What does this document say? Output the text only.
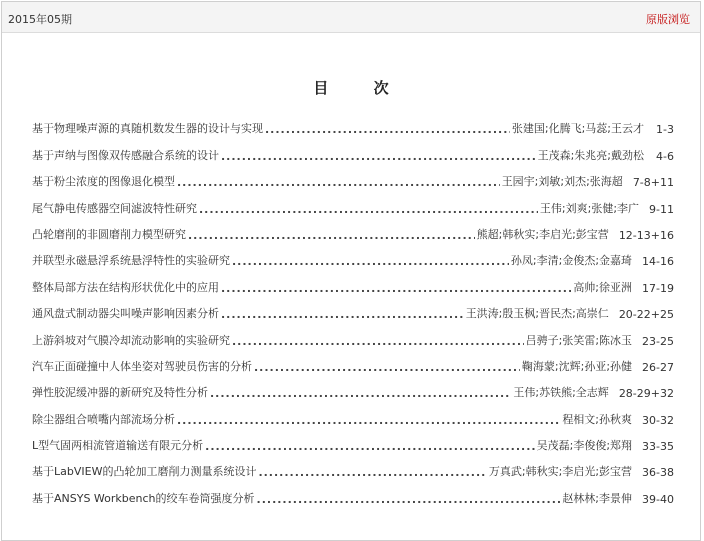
2015年05期	原版浏览
目 次
基于物理噪声源的真随机数发生器的设计与实现 .....	张建国;化腾飞;马蕊;王云才	1-3
基于声纳与图像双传感融合系统的设计 .....	王茂森;朱兆亮;戴劲松	4-6
基于粉尘浓度的图像退化模型 .....	王园宇;刘敏;刘杰;张海超 7-8+11
尾气静电传感器空间滤波特性研究 .....	王伟;刘爽;张健;李广 9-11
凸轮磨削的非圆磨削力模型研究 .....	熊超;韩秋实;李启光;彭宝营 12-13+16
并联型永磁悬浮系统悬浮特性的实验研究 .....	孙凤;李清;金俊杰;金嘉琦 14-16
整体局部方法在结构形状优化中的应用 .....	高帅;徐亚洲 17-19
通风盘式制动器尖叫噪声影响因素分析 .....	王洪涛;殷玉枫;晋民杰;高崇仁 20-22+25
上游斜坡对气膜冷却流动影响的实验研究 .....	吕骋子;张笑雷;陈冰玉 23-25
汽车正面碰撞中人体坐姿对驾驶员伤害的分析 .....	鞠海蒙;沈辉;孙亚;孙健 26-27
弹性胶泥缓冲器的新研究及特性分析 .....	王伟;苏铁熊;全志辉 28-29+32
除尘器组合喷嘴内部流场分析 .....	程相文;孙秋爽 30-32
L型气固两相流管道输送有限元分析 .....	吴茂磊;李俊俊;郑翔 33-35
基于LabVIEW的凸轮加工磨削力测量系统设计 .....	万真武;韩秋实;李启光;彭宝营 36-38
基于ANSYS Workbench的绞车卷筒强度分析 .....	赵林林;李景伸 39-40
